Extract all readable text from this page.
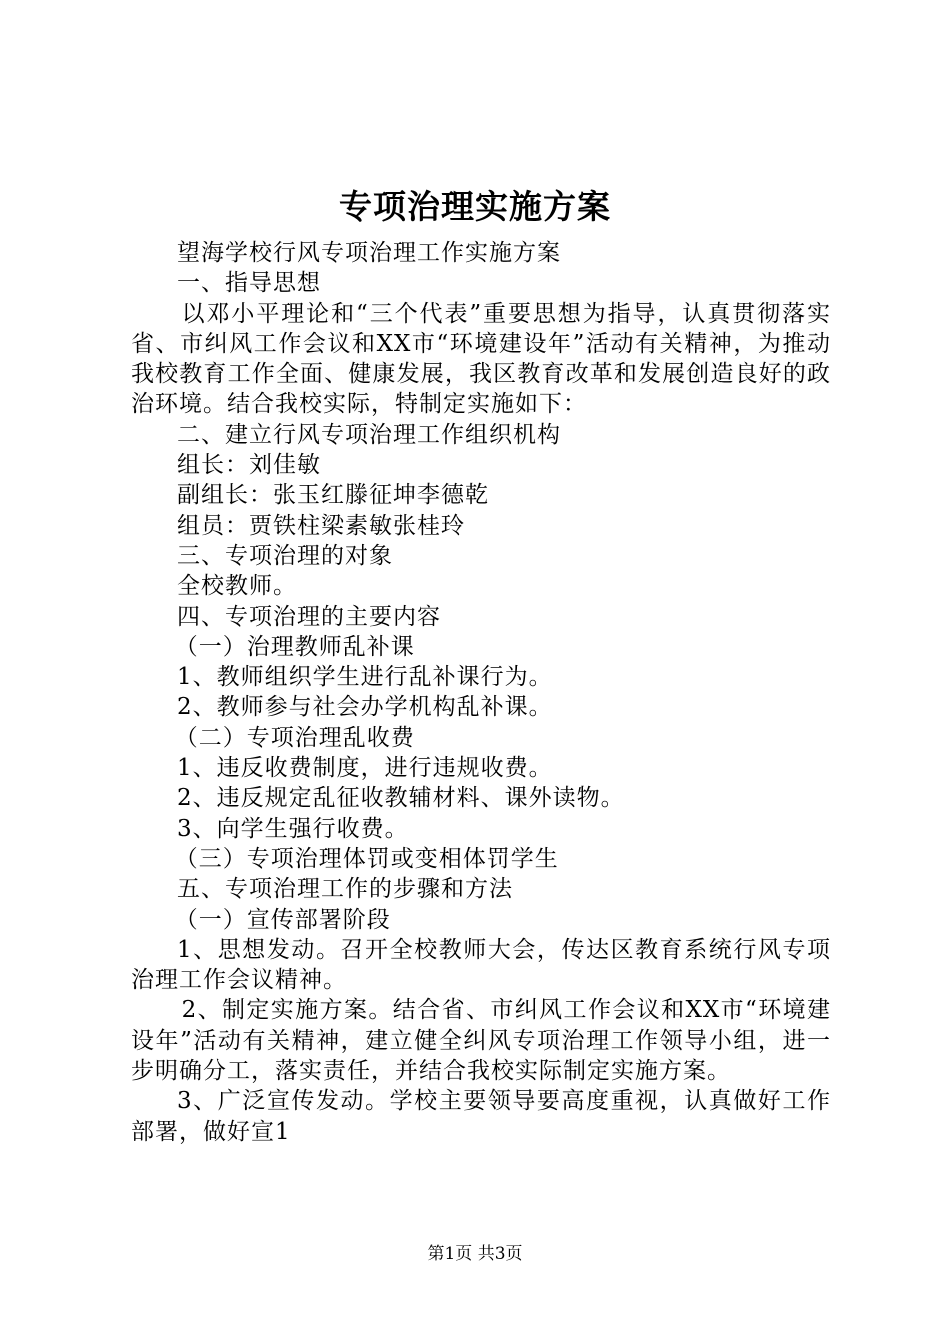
专项治理实施方案

望海学校行风专项治理工作实施方案

一、指导思想

以邓小平理论和“三个代表”重要思想为指导，认真贯彻落实省、市纠风工作会议和XX市“环境建设年”活动有关精神，为推动我校教育工作全面、健康发展，我区教育改革和发展创造良好的政治环境。结合我校实际，特制定实施如下：

二、建立行风专项治理工作组织机构

组长：刘佳敏

副组长：张玉红滕征坤李德乾

组员：贾铁柱梁素敏张桂玲

三、专项治理的对象

全校教师。

四、专项治理的主要内容

（一）治理教师乱补课

1、教师组织学生进行乱补课行为。

2、教师参与社会办学机构乱补课。

（二）专项治理乱收费

1、违反收费制度，进行违规收费。

2、违反规定乱征收教辅材料、课外读物。

3、向学生强行收费。

（三）专项治理体罚或变相体罚学生

五、专项治理工作的步骤和方法

（一）宣传部署阶段

1、思想发动。召开全校教师大会，传达区教育系统行风专项治理工作会议精神。

2、制定实施方案。结合省、市纠风工作会议和XX市“环境建设年”活动有关精神，建立健全纠风专项治理工作领导小组，进一步明确分工，落实责任，并结合我校实际制定实施方案。

3、广泛宣传发动。学校主要领导要高度重视，认真做好工作部署，做好宣1

第1页 共3页
